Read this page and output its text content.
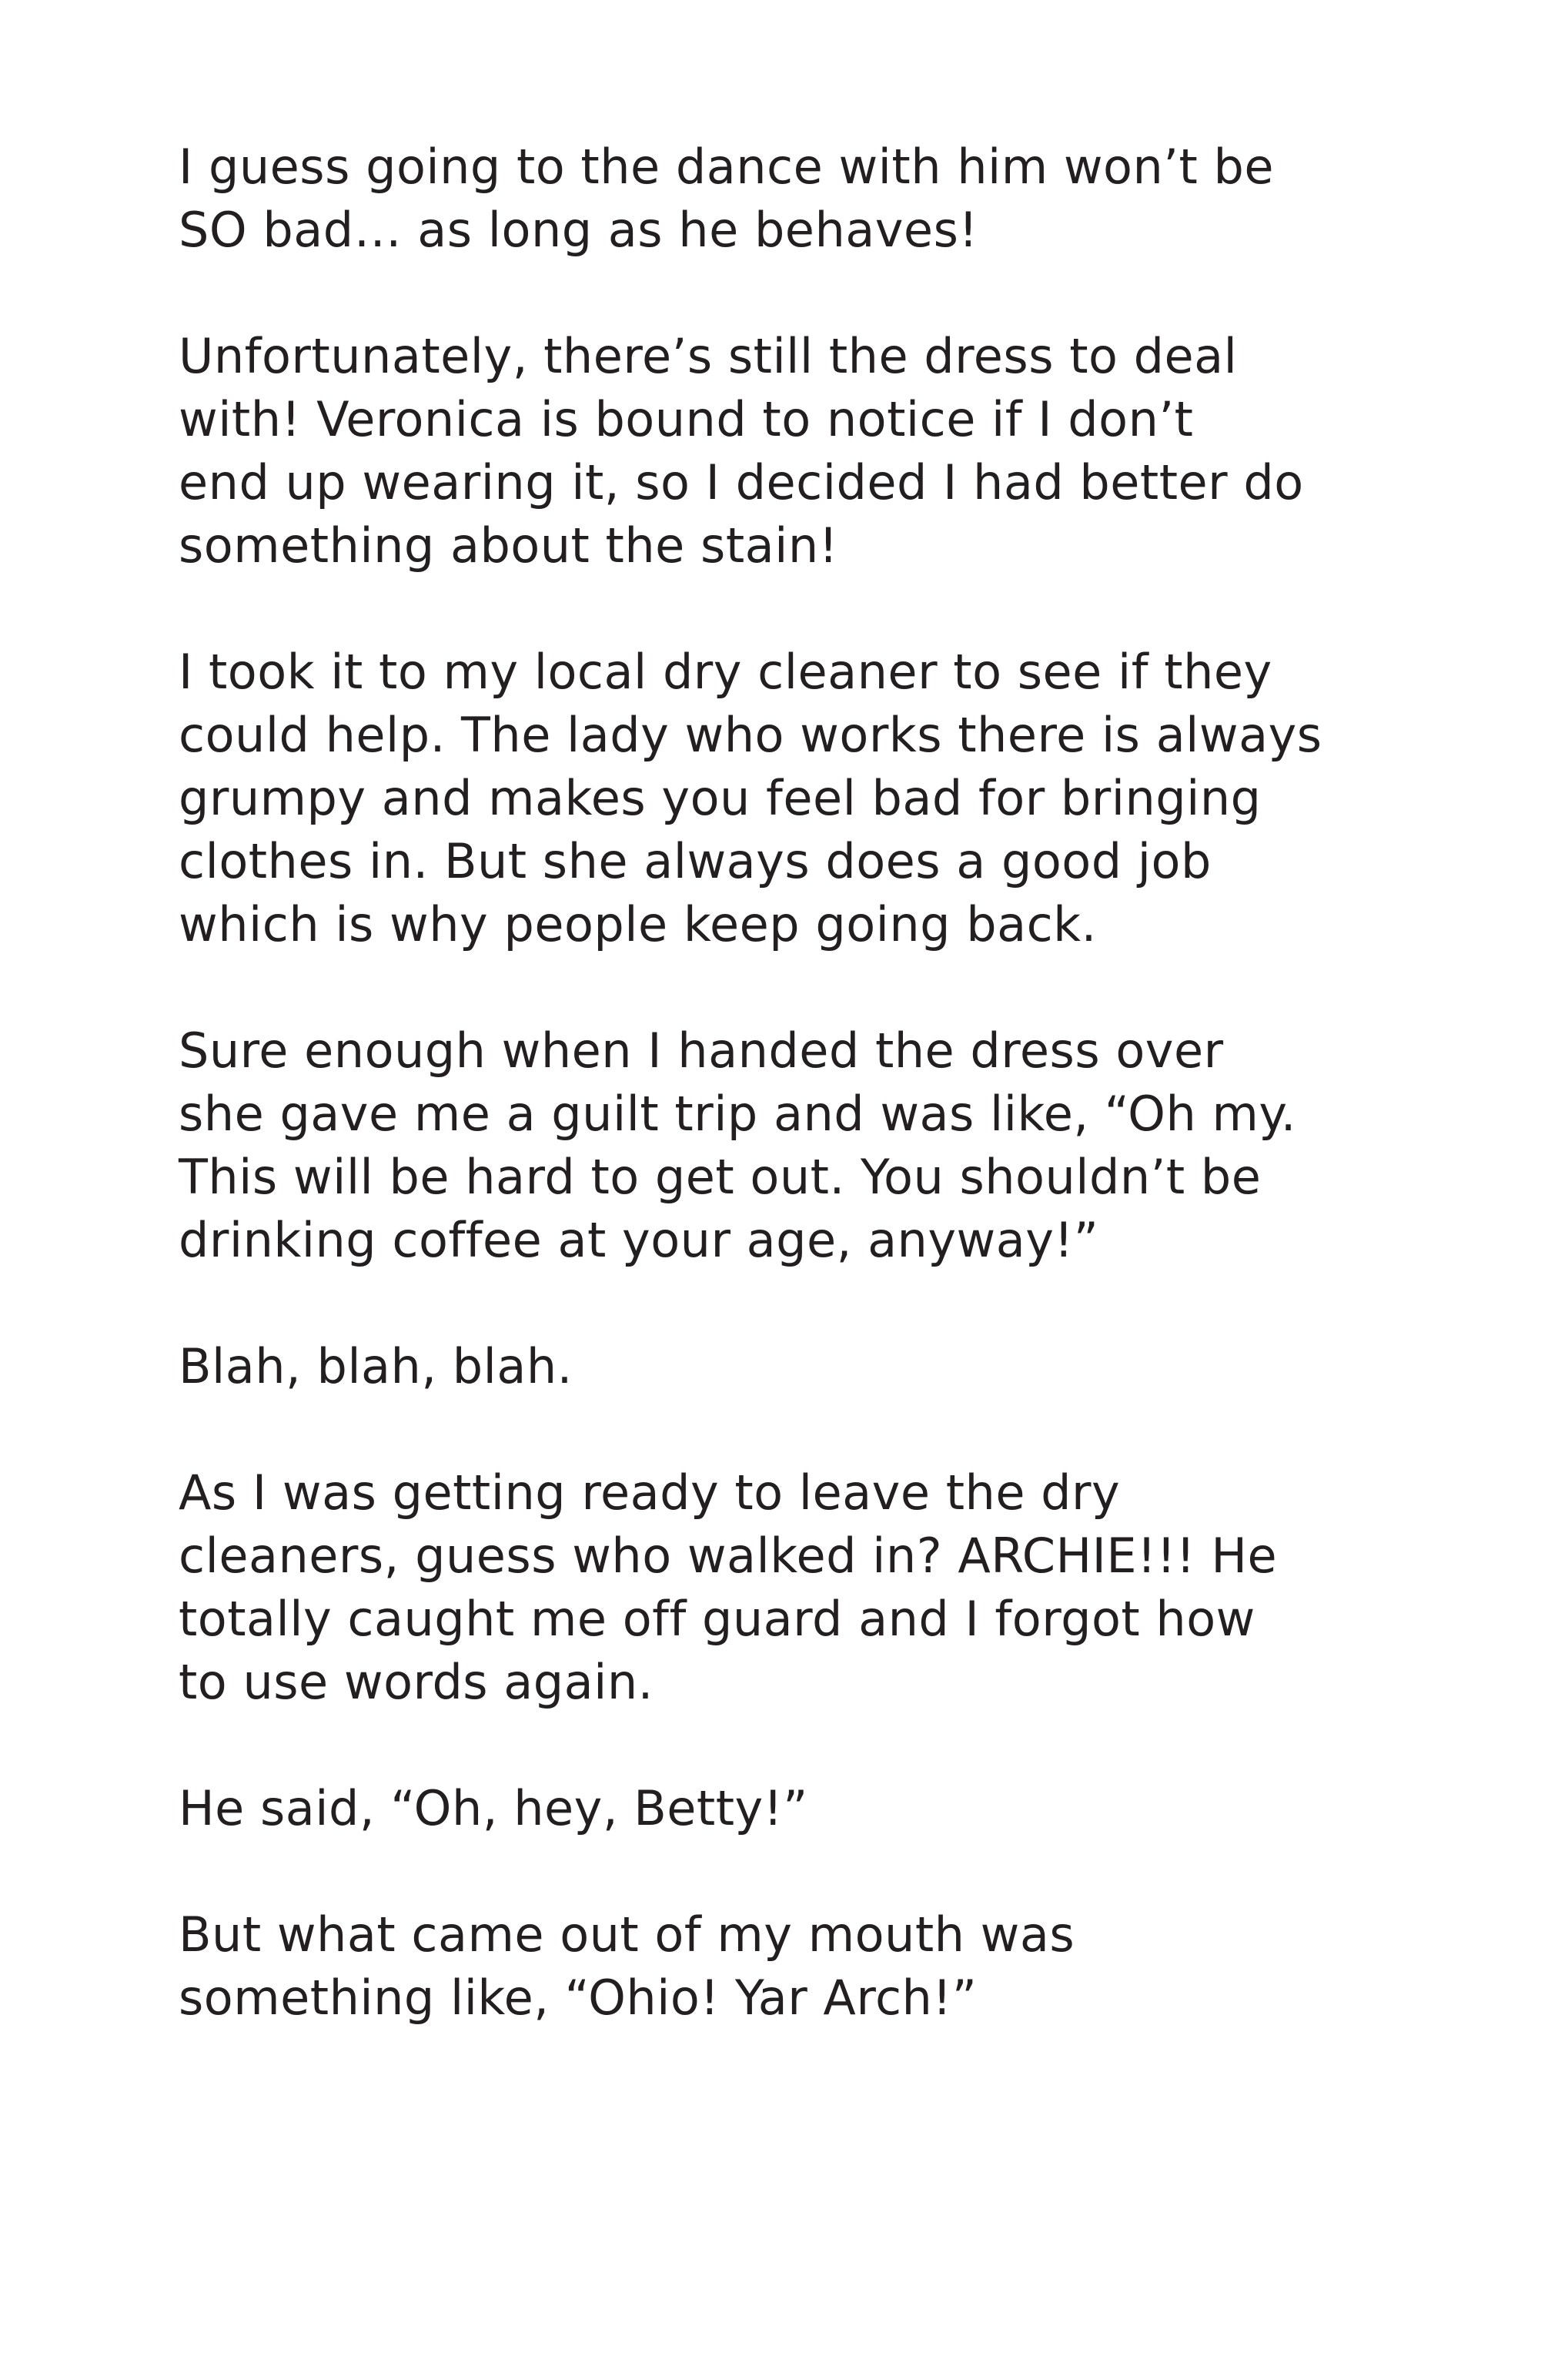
I guess going to the dance with him won’t be
SO bad… as long as he behaves!

Unfortunately, there’s still the dress to deal
with! Veronica is bound to notice if I don’t
end up wearing it, so I decided I had better do
something about the stain!

I took it to my local dry cleaner to see if they
could help. The lady who works there is always
grumpy and makes you feel bad for bringing
clothes in. But she always does a good job
which is why people keep going back.

Sure enough when I handed the dress over
she gave me a guilt trip and was like, “Oh my.
This will be hard to get out. You shouldn’t be
drinking coffee at your age, anyway!”

Blah, blah, blah.

As I was getting ready to leave the dry
cleaners, guess who walked in? ARCHIE!!! He
totally caught me off guard and I forgot how
to use words again.

He said, “Oh, hey, Betty!”

But what came out of my mouth was
something like, “Ohio! Yar Arch!”
